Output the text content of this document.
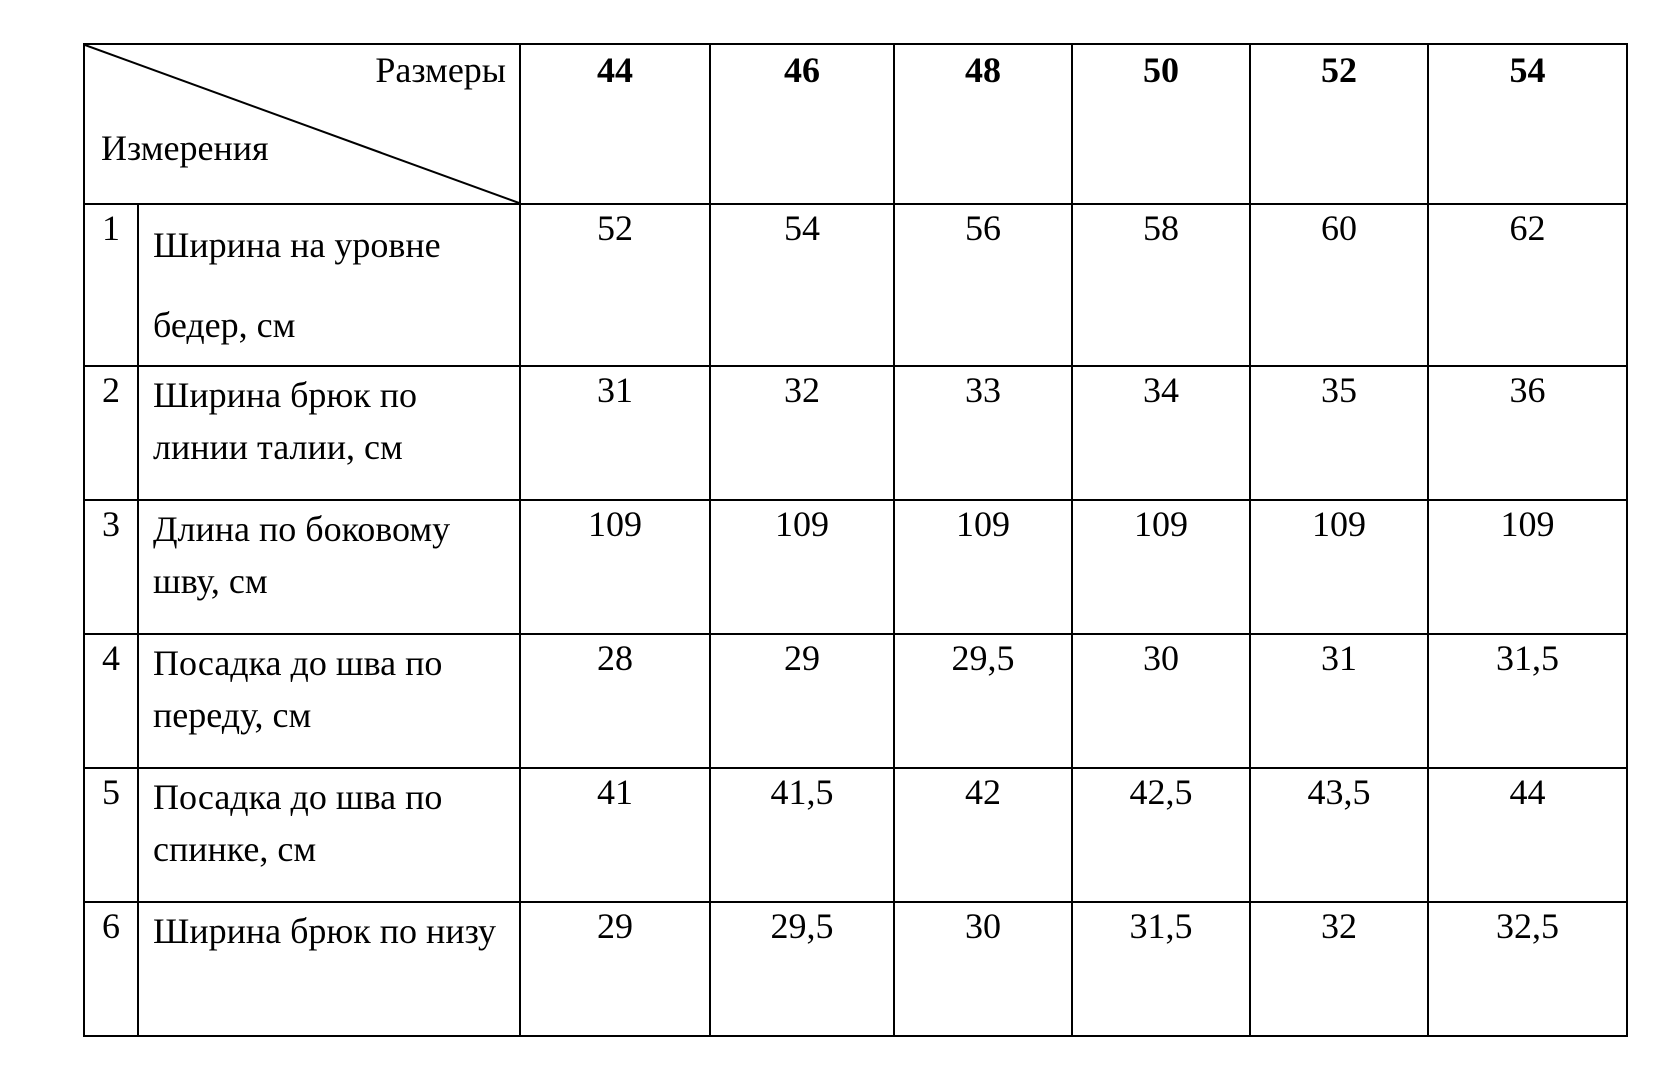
Размеры
Измерения		44	46	48	50	52	54
1	Ширина на уровне бедер, см	52	54	56	58	60	62
2	Ширина брюк по линии талии, см	31	32	33	34	35	36
3	Длина по боковому шву, см	109	109	109	109	109	109
4	Посадка до шва по переду, см	28	29	29,5	30	31	31,5
5	Посадка до шва по спинке, см	41	41,5	42	42,5	43,5	44
6	Ширина брюк по низу	29	29,5	30	31,5	32	32,5
